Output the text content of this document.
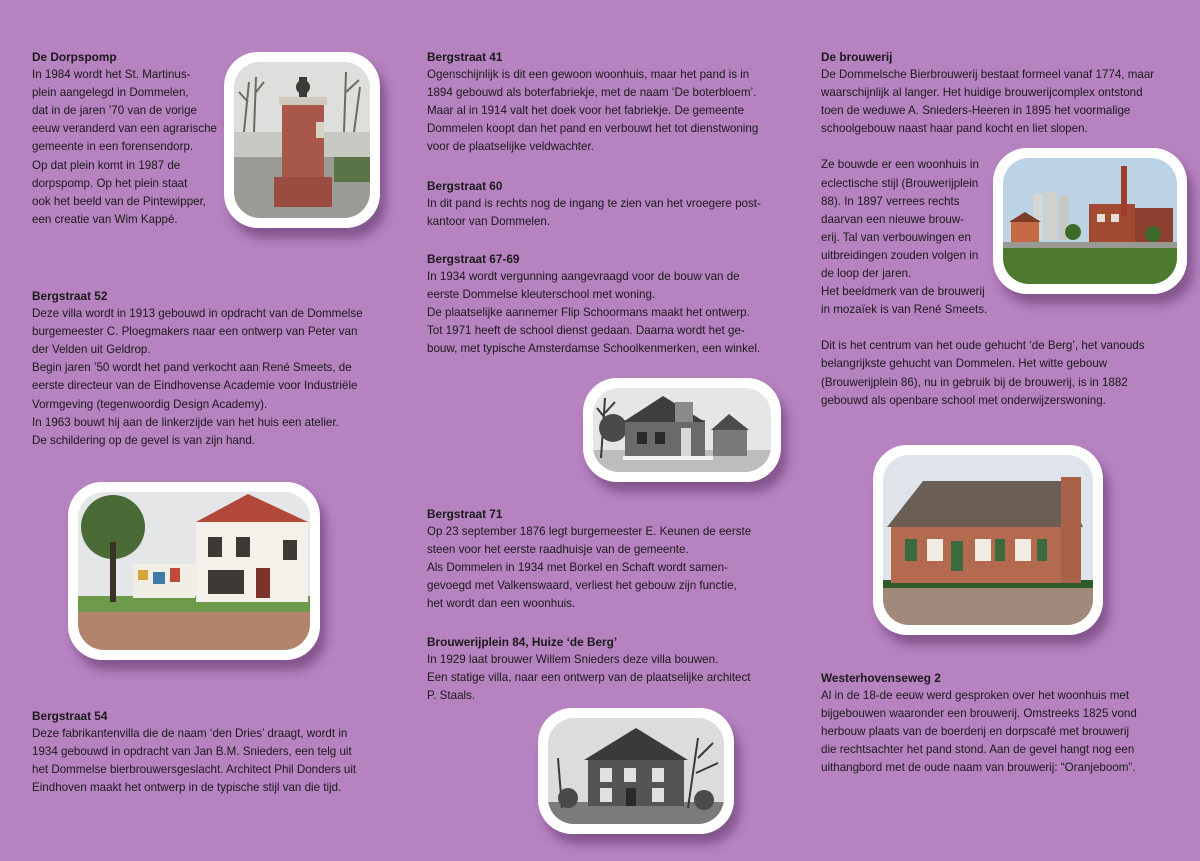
De Dorpspomp

In 1984 wordt het St. Martinus-

plein aangelegd in Dommelen,

dat in de jaren ’70 van de vorige

eeuw veranderd van een agrarische

gemeente in een forensendorp.

Op dat plein komt in 1987 de

dorpspomp. Op het plein staat

ook het beeld van de Pintewipper,

een creatie van Wim Kappé.

Bergstraat 52

Deze villa wordt in 1913 gebouwd in opdracht van de Dommelse

burgemeester C. Ploegmakers naar een ontwerp van Peter van

der Velden uit Geldrop.

Begin jaren ’50 wordt het pand verkocht aan René Smeets, de

eerste directeur van de Eindhovense Academie voor Industriële

Vormgeving (tegenwoordig Design Academy).

In 1963 bouwt hij aan de linkerzijde van het huis een atelier.

De schildering op de gevel is van zijn hand.

Bergstraat 54

Deze fabrikantenvilla die de naam ‘den Dries’ draagt, wordt in

1934 gebouwd in opdracht van Jan B.M. Snieders, een telg uit

het Dommelse bierbrouwersgeslacht. Architect Phil Donders uit

Eindhoven maakt het ontwerp in de typische stijl van die tijd.

Bergstraat 41

Ogenschijnlijk is dit een gewoon woonhuis, maar het pand is in

1894 gebouwd als boterfabriekje, met de naam ‘De boterbloem’.

Maar al in 1914 valt het doek voor het fabriekje. De gemeente

Dommelen koopt dan het pand en verbouwt het tot dienstwoning

voor de plaatselijke veldwachter.

Bergstraat 60

In dit pand is rechts nog de ingang te zien van het vroegere post-

kantoor van Dommelen.

Bergstraat 67-69

In 1934 wordt vergunning aangevraagd voor de bouw van de

eerste Dommelse kleuterschool met woning.

De plaatselijke aannemer Flip Schoormans maakt het ontwerp.

Tot 1971 heeft de school dienst gedaan. Daarna wordt het ge-

bouw, met typische Amsterdamse Schoolkenmerken, een winkel.

Bergstraat 71

Op 23 september 1876 legt burgemeester E. Keunen de eerste

steen voor het eerste raadhuisje van de gemeente.

Als Dommelen in 1934 met Borkel en Schaft wordt samen-

gevoegd met Valkenswaard, verliest het gebouw zijn functie,

het wordt dan een woonhuis.

Brouwerijplein 84, Huize ‘de Berg’

In 1929 laat brouwer Willem Snieders deze villa bouwen.

Een statige villa, naar een ontwerp van de plaatselijke architect

P. Staals.

De brouwerij

De Dommelsche Bierbrouwerij bestaat formeel vanaf 1774, maar

waarschijnlijk al langer. Het huidige brouwerijcomplex ontstond

toen de weduwe A. Snieders-Heeren in 1895 het voormalige

schoolgebouw naast haar pand kocht en liet slopen.

Ze bouwde er een woonhuis in

eclectische stijl (Brouwerijplein

88). In 1897 verrees rechts

daarvan een nieuwe brouw-

erij. Tal van verbouwingen en

uitbreidingen zouden volgen in

de loop der jaren.

Het beeldmerk van de brouwerij

in mozaïek is van René Smeets.

Dit is het centrum van het oude gehucht ‘de Berg’, het vanouds

belangrijkste gehucht van Dommelen. Het witte gebouw

(Brouwerijplein 86), nu in gebruik bij de brouwerij, is in 1882

gebouwd als openbare school met onderwijzerswoning.

Westerhovenseweg 2

Al in de 18-de eeuw werd gesproken over het woonhuis met

bijgebouwen waaronder een brouwerij. Omstreeks 1825 vond

herbouw plaats van de boerderij en dorpscafé met brouwerij

die rechtsachter het pand stond. Aan de gevel hangt nog een

uithangbord met de oude naam van brouwerij: “Oranjeboom”.
